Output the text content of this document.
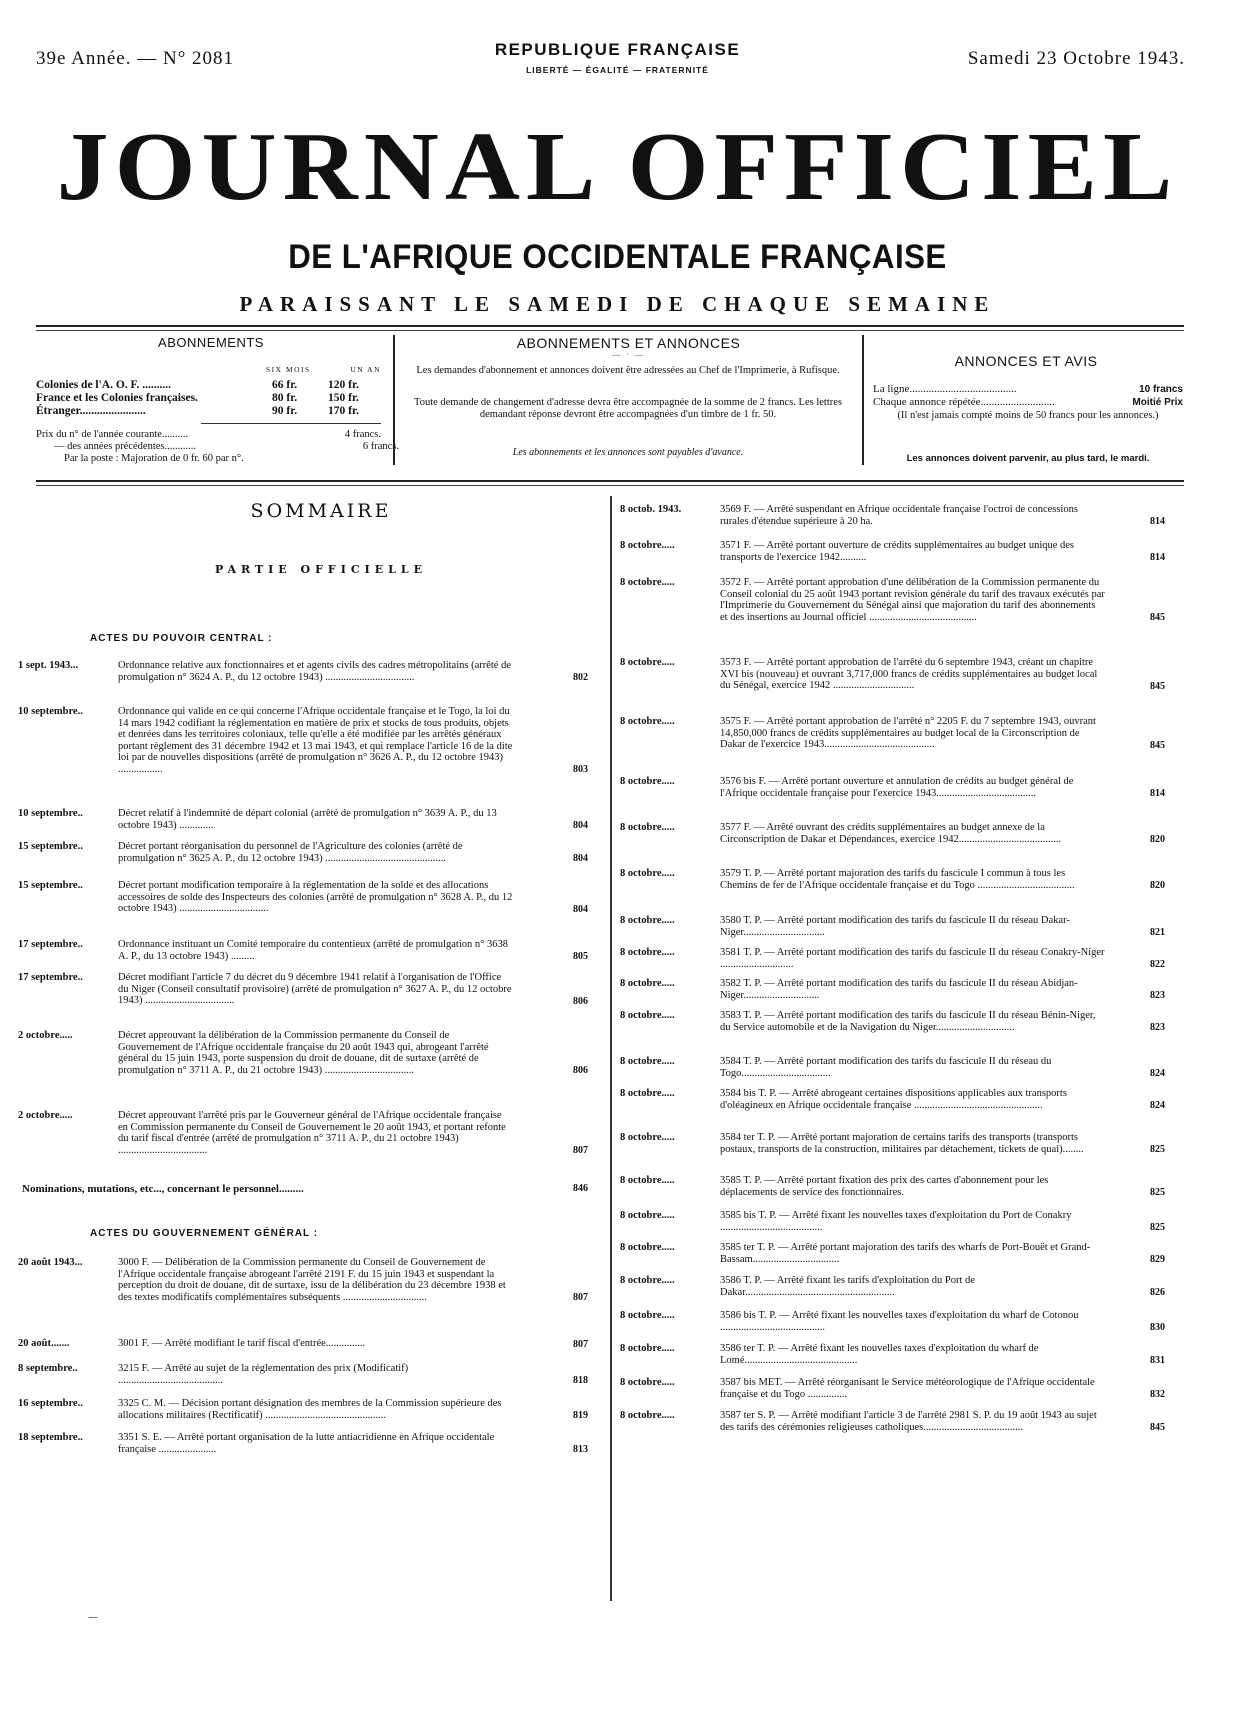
39e Année. — N° 2081	REPUBLIQUE FRANÇAISE
LIBERTÉ — ÉGALITÉ — FRATERNITÉ
Samedi 23 Octobre 1943.
JOURNAL OFFICIEL
DE L'AFRIQUE OCCIDENTALE FRANÇAISE
PARAISSANT LE SAMEDI DE CHAQUE SEMAINE
ABONNEMENTS
SIX MOIS	UN AN
Colonies de l'A. O. F. ..........	66 fr.	120 fr.
France et les Colonies françaises.	80 fr.	150 fr.
Étranger.......................	90 fr.	170 fr.
Prix du n° de l'année courante..........	4 francs.
— des années précédentes............	6 francs.
Par la poste : Majoration de 0 fr. 60 par n°.
ABONNEMENTS ET ANNONCES
— · —
Les demandes d'abonnement et annonces doivent être adressées au Chef de l'Imprimerie, à Rufisque.
Toute demande de changement d'adresse devra être accompagnée de la somme de 2 francs. Les lettres demandant réponse devront être accompagnées d'un timbre de 1 fr. 50.
Les abonnements et les annonces sont payables d'avance.
ANNONCES ET AVIS
La ligne.......................................	10 francs
Chaque annonce répétée...........................	Moitié Prix
(Il n'est jamais compté moins de 50 francs pour les annonces.)
Les annonces doivent parvenir, au plus tard, le mardi.
SOMMAIRE
PARTIE OFFICIELLE
ACTES DU POUVOIR CENTRAL :
1 sept. 1943...	Ordonnance relative aux fonctionnaires et et agents civils des cadres métropolitains (arrêté de promulgation n° 3624 A. P., du 12 octobre 1943) ..................................	802
10 septembre..	Ordonnance qui valide en ce qui concerne l'Afrique occidentale française et le Togo, la loi du 14 mars 1942 codifiant la réglementation en matière de prix et stocks de tous produits, objets et denrées dans les territoires coloniaux, telle qu'elle a été modifiée par les arrêtés généraux portant règlement des 31 décembre 1942 et 13 mai 1943, et qui remplace l'article 16 de la dite loi par de nouvelles dispositions (arrêté de promulgation n° 3626 A. P., du 12 octobre 1943) .................	803
10 septembre..	Décret relatif à l'indemnité de départ colonial (arrêté de promulgation n° 3639 A. P., du 13 octobre 1943) .............	804
15 septembre..	Décret portant réorganisation du personnel de l'Agriculture des colonies (arrêté de promulgation n° 3625 A. P., du 12 octobre 1943) ..............................................	804
15 septembre..	Décret portant modification temporaire à la réglementation de la solde et des allocations accessoires de solde des Inspecteurs des colonies (arrêté de promulgation n° 3628 A. P., du 12 octobre 1943) ..................................	804
17 septembre..	Ordonnance instituant un Comité temporaire du contentieux (arrêté de promulgation n° 3638 A. P., du 13 octobre 1943) .........	805
17 septembre..	Décret modifiant l'article 7 du décret du 9 décembre 1941 relatif à l'organisation de l'Office du Niger (Conseil consultatif provisoire) (arrêté de promulgation n° 3627 A. P., du 12 octobre 1943) ..................................	806
2 octobre.....	Décret approuvant la délibération de la Commission permanente du Conseil de Gouvernement de l'Afrique occidentale française du 20 août 1943 qui, abrogeant l'arrêté général du 15 juin 1943, porte suspension du droit de douane, dit de surtaxe (arrêté de promulgation n° 3711 A. P., du 21 octobre 1943) ..................................	806
2 octobre.....	Décret approuvant l'arrêté pris par le Gouverneur général de l'Afrique occidentale française en Commission permanente du Conseil de Gouvernement le 20 août 1943, et portant refonte du tarif fiscal d'entrée (arrêté de promulgation n° 3711 A. P., du 21 octobre 1943) ..................................	807
Nominations, mutations, etc..., concernant le personnel.........	846
ACTES DU GOUVERNEMENT GÉNÉRAL :
20 août 1943...	3000 F. — Délibération de la Commission permanente du Conseil de Gouvernement de l'Afrique occidentale française abrogeant l'arrêté 2191 F. du 15 juin 1943 et suspendant la perception du droit de douane, dit de surtaxe, issu de la délibération du 23 décembre 1938 et des textes modificatifs complémentaires subséquents ................................	807
20 août.......	3001 F. — Arrêté modifiant le tarif fiscal d'entrée...............	807
8 septembre..	3215 F. — Arrêté au sujet de la réglementation des prix (Modificatif) ........................................	818
16 septembre..	3325 C. M. — Décision portant désignation des membres de la Commission supérieure des allocations militaires (Rectificatif) ..............................................	819
18 septembre..	3351 S. E. — Arrêté portant organisation de la lutte antiacridienne en Afrique occidentale française ......................	813
8 octob. 1943.	3569 F. — Arrêté suspendant en Afrique occidentale française l'octroi de concessions rurales d'étendue supérieure à 20 ha.	814
8 octobre.....	3571 F. — Arrêté portant ouverture de crédits supplémentaires au budget unique des transports de l'exercice 1942..........	814
8 octobre.....	3572 F. — Arrêté portant approbation d'une délibération de la Commission permanente du Conseil colonial du 25 août 1943 portant revision générale du tarif des travaux exécutés par l'Imprimerie du Gouvernement du Sénégal ainsi que majoration du tarif des abonnements et des insertions au Journal officiel .........................................	845
8 octobre.....	3573 F. — Arrêté portant approbation de l'arrêté du 6 septembre 1943, créant un chapitre XVI bis (nouveau) et ouvrant 3,717,000 francs de crédits supplémentaires au budget local du Sénégal, exercice 1942 ...............................	845
8 octobre.....	3575 F. — Arrêté portant approbation de l'arrêté n° 2205 F. du 7 septembre 1943, ouvrant 14,850,000 francs de crédits supplémentaires au budget local de la Circonscription de Dakar de l'exercice 1943..........................................	845
8 octobre.....	3576 bis F. — Arrêté portant ouverture et annulation de crédits au budget général de l'Afrique occidentale française pour l'exercice 1943......................................	814
8 octobre.....	3577 F. — Arrêté ouvrant des crédits supplémentaires au budget annexe de la Circonscription de Dakar et Dépendances, exercice 1942.......................................	820
8 octobre.....	3579 T. P. — Arrêté portant majoration des tarifs du fascicule I commun à tous les Chemins de fer de l'Afrique occidentale française et du Togo .....................................	820
8 octobre.....	3580 T. P. — Arrêté portant modification des tarifs du fascicule II du réseau Dakar-Niger...............................	821
8 octobre.....	3581 T. P. — Arrêté portant modification des tarifs du fascicule II du réseau Conakry-Niger ............................	822
8 octobre.....	3582 T. P. — Arrêté portant modification des tarifs du fascicule II du réseau Abidjan-Niger.............................	823
8 octobre.....	3583 T. P. — Arrêté portant modification des tarifs du fascicule II du réseau Bénin-Niger, du Service automobile et de la Navigation du Niger..............................	823
8 octobre.....	3584 T. P. — Arrêté portant modification des tarifs du fascicule II du réseau du Togo..................................	824
8 octobre.....	3584 bis T. P. — Arrêté abrogeant certaines dispositions applicables aux transports d'oléagineux en Afrique occidentale française .................................................	824
8 octobre.....	3584 ter T. P. — Arrêté portant majoration de certains tarifs des transports (transports postaux, transports de la construction, militaires par détachement, tickets de quai)........	825
8 octobre.....	3585 T. P. — Arrêté portant fixation des prix des cartes d'abonnement pour les déplacements de service des fonctionnaires.	825
8 octobre.....	3585 bis T. P. — Arrêté fixant les nouvelles taxes d'exploitation du Port de Conakry .......................................	825
8 octobre.....	3585 ter T. P. — Arrêté portant majoration des tarifs des wharfs de Port-Bouët et Grand-Bassam.................................	829
8 octobre.....	3586 T. P. — Arrêté fixant les tarifs d'exploitation du Port de Dakar.........................................................	826
8 octobre.....	3586 bis T. P. — Arrêté fixant les nouvelles taxes d'exploitation du wharf de Cotonou ........................................	830
8 octobre.....	3586 ter T. P. — Arrêté fixant les nouvelles taxes d'exploitation du wharf de Lomé...........................................	831
8 octobre.....	3587 bis MET. — Arrêté réorganisant le Service météorologique de l'Afrique occidentale française et du Togo ...............	832
8 octobre.....	3587 ter S. P. — Arrêté modifiant l'article 3 de l'arrêté 2981 S. P. du 19 août 1943 au sujet des tarifs des cérémonies religieuses catholiques......................................	845
—
